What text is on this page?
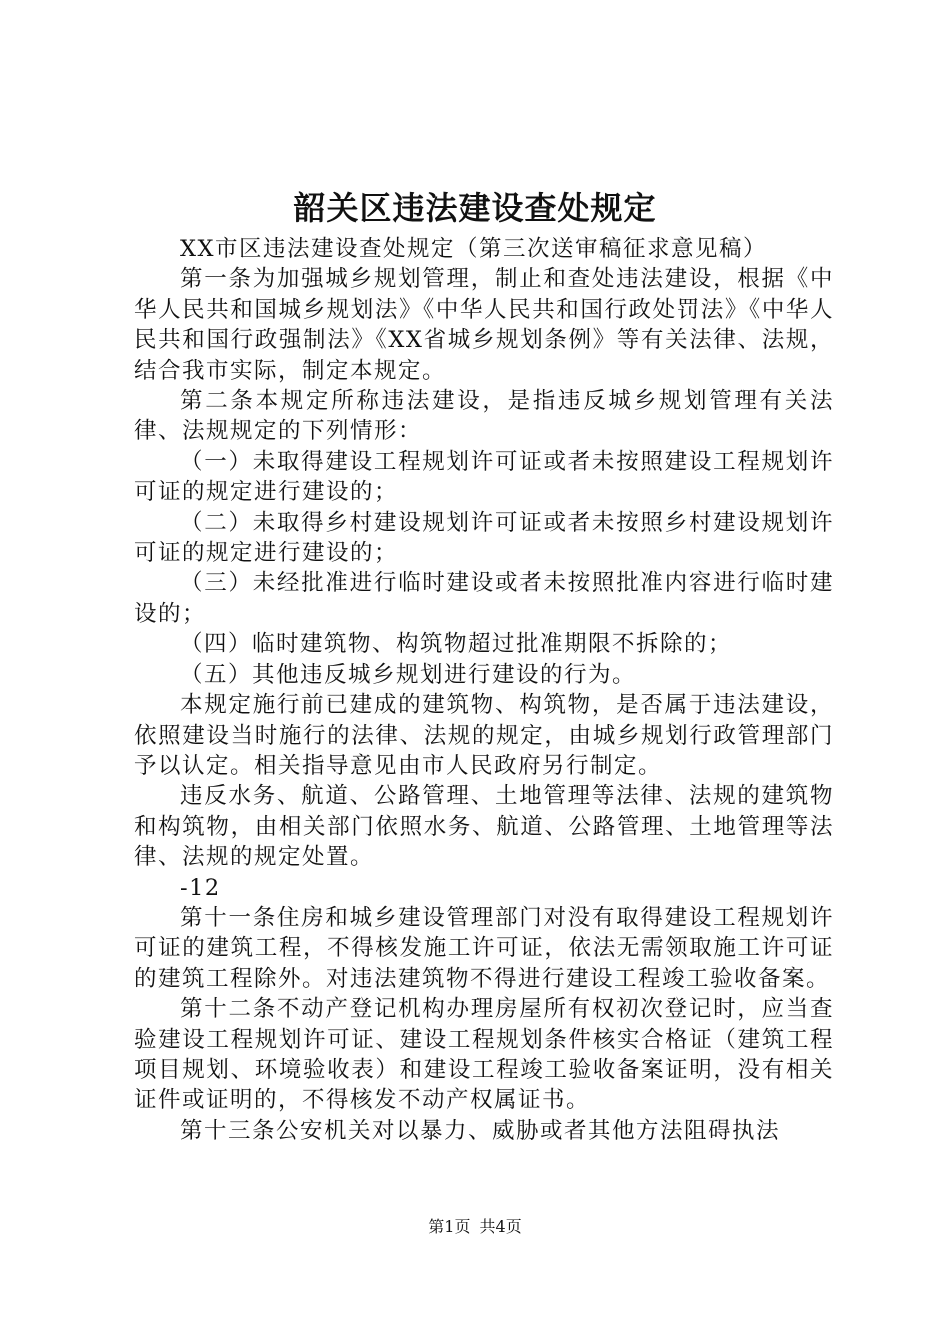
韶关区违法建设查处规定

XX市区违法建设查处规定（第三次送审稿征求意见稿）

第一条为加强城乡规划管理，制止和查处违法建设，根据《中华人民共和国城乡规划法》《中华人民共和国行政处罚法》《中华人民共和国行政强制法》《XX省城乡规划条例》等有关法律、法规，结合我市实际，制定本规定。

第二条本规定所称违法建设，是指违反城乡规划管理有关法律、法规规定的下列情形：

（一）未取得建设工程规划许可证或者未按照建设工程规划许可证的规定进行建设的；

（二）未取得乡村建设规划许可证或者未按照乡村建设规划许可证的规定进行建设的；

（三）未经批准进行临时建设或者未按照批准内容进行临时建设的；

（四）临时建筑物、构筑物超过批准期限不拆除的；

（五）其他违反城乡规划进行建设的行为。

本规定施行前已建成的建筑物、构筑物，是否属于违法建设，依照建设当时施行的法律、法规的规定，由城乡规划行政管理部门予以认定。相关指导意见由市人民政府另行制定。

违反水务、航道、公路管理、土地管理等法律、法规的建筑物和构筑物，由相关部门依照水务、航道、公路管理、土地管理等法律、法规的规定处置。

-12

第十一条住房和城乡建设管理部门对没有取得建设工程规划许可证的建筑工程，不得核发施工许可证，依法无需领取施工许可证的建筑工程除外。对违法建筑物不得进行建设工程竣工验收备案。

第十二条不动产登记机构办理房屋所有权初次登记时，应当查验建设工程规划许可证、建设工程规划条件核实合格证（建筑工程项目规划、环境验收表）和建设工程竣工验收备案证明，没有相关证件或证明的，不得核发不动产权属证书。

第十三条公安机关对以暴力、威胁或者其他方法阻碍执法

第1页 共4页
